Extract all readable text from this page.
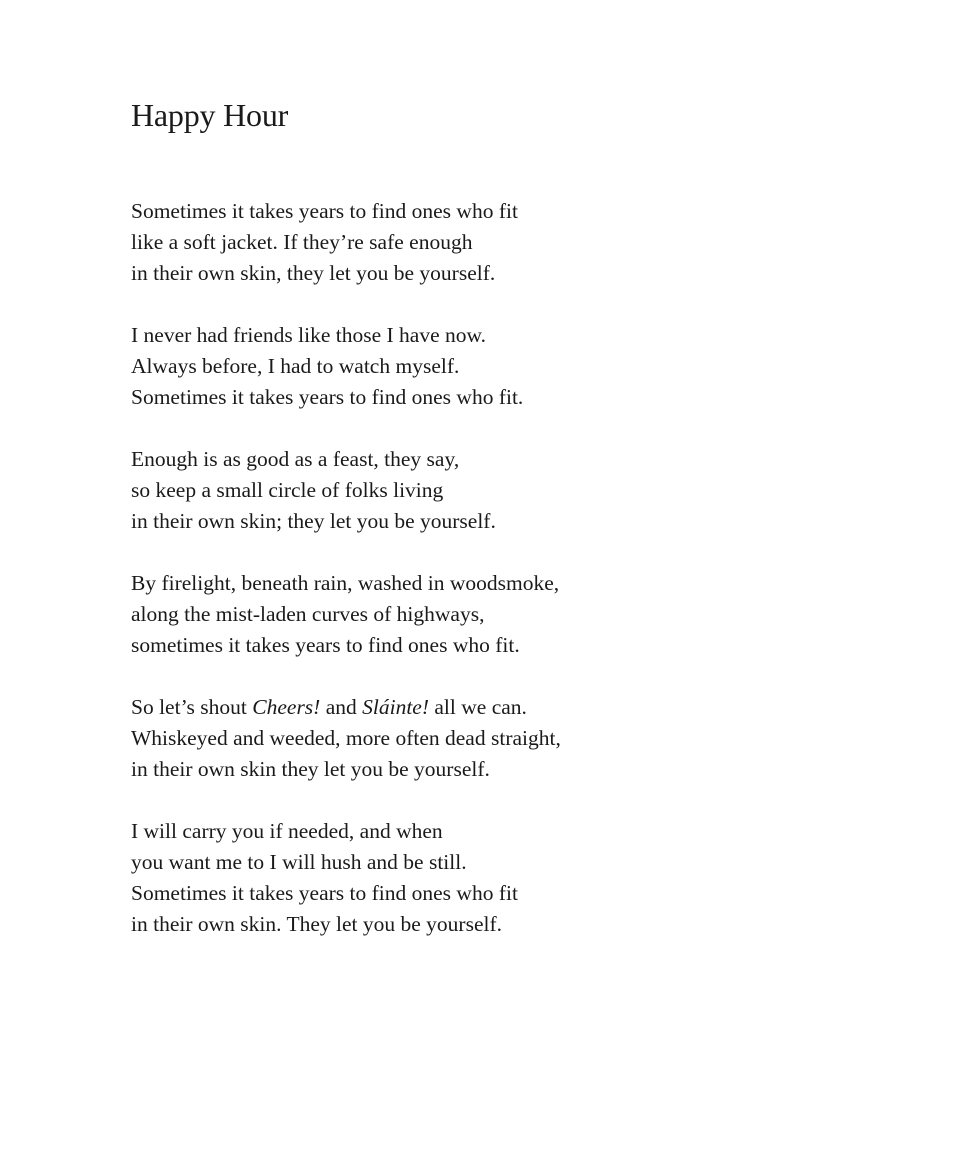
Happy Hour

Sometimes it takes years to find ones who fit
like a soft jacket. If they’re safe enough
in their own skin, they let you be yourself.

I never had friends like those I have now.
Always before, I had to watch myself.
Sometimes it takes years to find ones who fit.

Enough is as good as a feast, they say,
so keep a small circle of folks living
in their own skin; they let you be yourself.

By firelight, beneath rain, washed in woodsmoke,
along the mist-laden curves of highways,
sometimes it takes years to find ones who fit.

So let’s shout Cheers! and Sláinte! all we can.
Whiskeyed and weeded, more often dead straight,
in their own skin they let you be yourself.

I will carry you if needed, and when
you want me to I will hush and be still.
Sometimes it takes years to find ones who fit
in their own skin. They let you be yourself.
